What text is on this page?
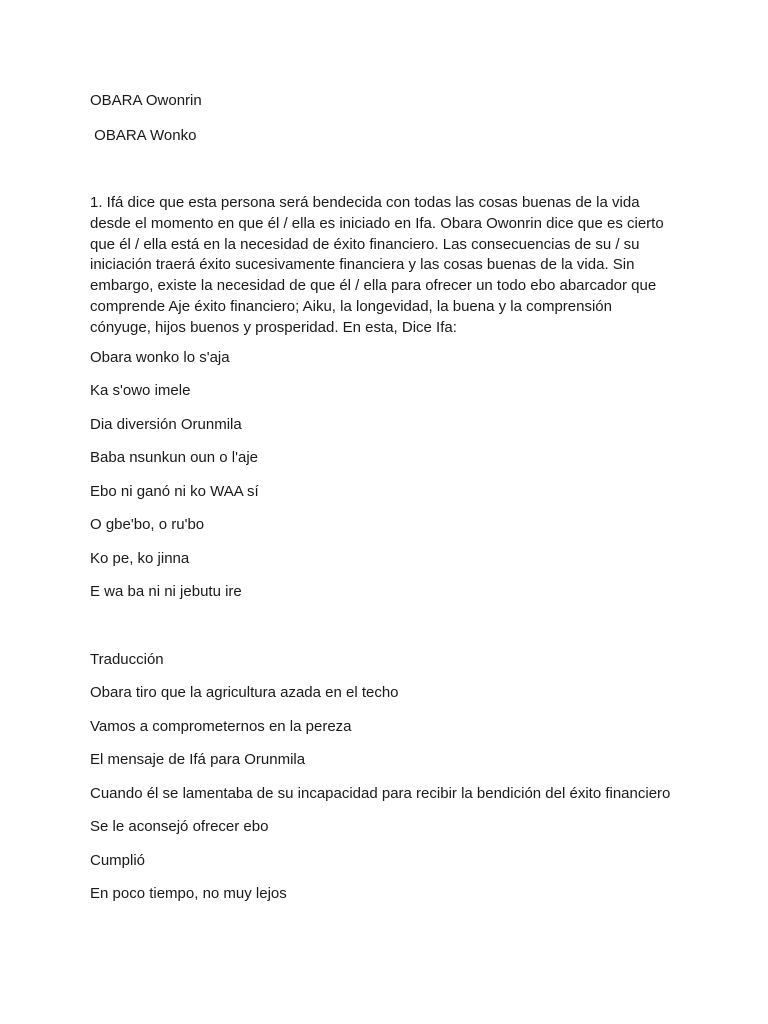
OBARA Owonrin
OBARA Wonko
1. Ifá dice que esta persona será bendecida con todas las cosas buenas de la vida
desde el momento en que él / ella es iniciado en Ifa. Obara Owonrin dice que es cierto
que él / ella está en la necesidad de éxito financiero. Las consecuencias de su / su
iniciación traerá éxito sucesivamente financiera y las cosas buenas de la vida. Sin
embargo, existe la necesidad de que él / ella para ofrecer un todo ebo abarcador que
comprende Aje éxito financiero; Aiku, la longevidad, la buena y la comprensión
cónyuge, hijos buenos y prosperidad. En esta, Dice Ifa:
Obara wonko lo s'aja
Ka s'owo imele
Dia diversión Orunmila
Baba nsunkun oun o l'aje
Ebo ni ganó ni ko WAA sí
O gbe'bo, o ru'bo
Ko pe, ko jinna
E wa ba ni ni jebutu ire
Traducción
Obara tiro que la agricultura azada en el techo
Vamos a comprometernos en la pereza
El mensaje de Ifá para Orunmila
Cuando él se lamentaba de su incapacidad para recibir la bendición del éxito financiero
Se le aconsejó ofrecer ebo
Cumplió
En poco tiempo, no muy lejos
